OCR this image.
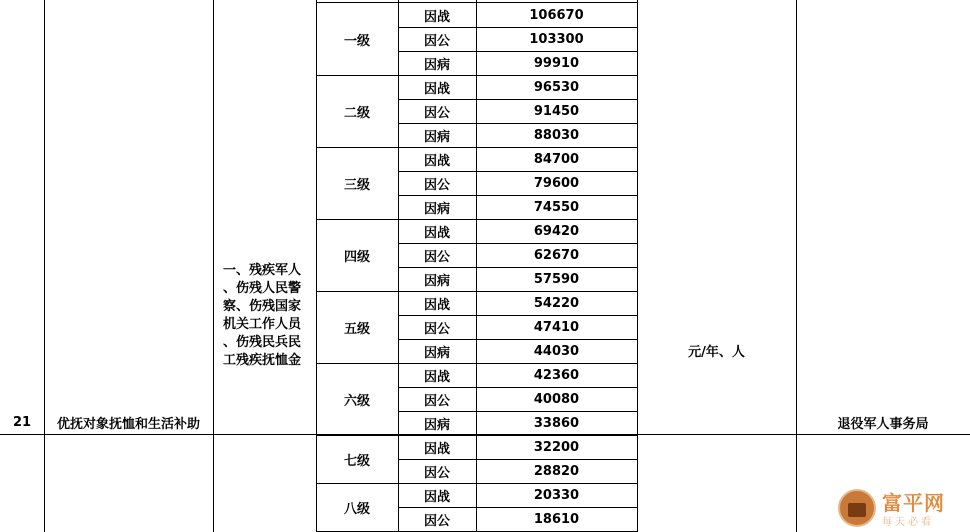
21	优抚对象抚恤和生活补助
一、残疾军人
、伤残人民警
察、伤残国家
机关工作人员
、伤残民兵民
工残疾抚恤金
元/年、人
退役军人事务局
富平网
每天必看
一级
因战	106670
因公	103300
因病	99910
二级
因战	96530
因公	91450
因病	88030
三级
因战	84700
因公	79600
因病	74550
四级
因战	69420
因公	62670
因病	57590
五级
因战	54220
因公	47410
因病	44030
六级
因战	42360
因公	40080
因病	33860
七级
因战	32200
因公	28820
八级
因战	20330
因公	18610
